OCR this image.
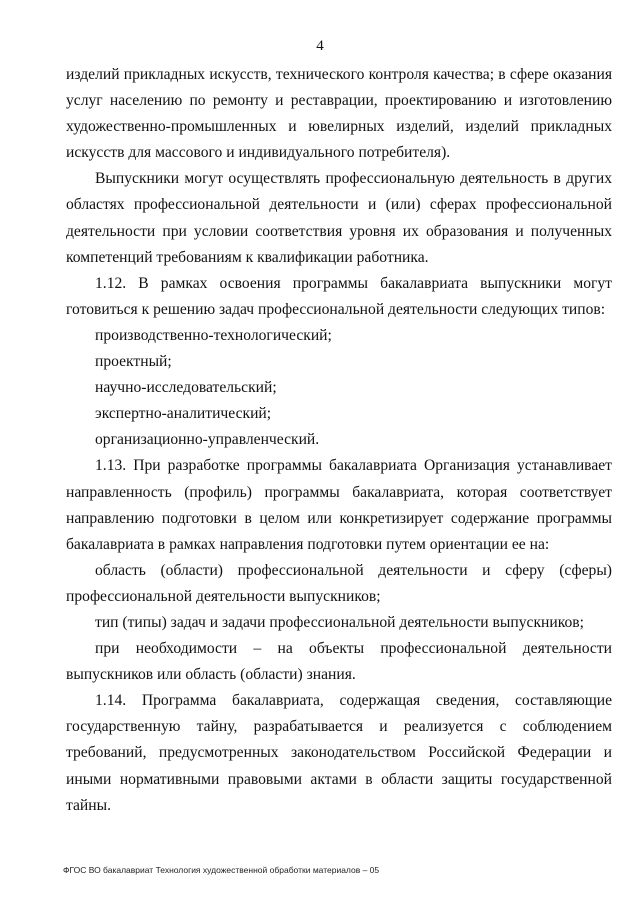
4

изделий прикладных искусств, технического контроля качества; в сфере оказания услуг населению по ремонту и реставрации, проектированию и изготовлению художественно-промышленных и ювелирных изделий, изделий прикладных искусств для массового и индивидуального потребителя).

Выпускники могут осуществлять профессиональную деятельность в других областях профессиональной деятельности и (или) сферах профессиональной деятельности при условии соответствия уровня их образования и полученных компетенций требованиям к квалификации работника.

1.12. В рамках освоения программы бакалавриата выпускники могут готовиться к решению задач профессиональной деятельности следующих типов:

производственно-технологический;

проектный;

научно-исследовательский;

экспертно-аналитический;

организационно-управленческий.

1.13. При разработке программы бакалавриата Организация устанавливает направленность (профиль) программы бакалавриата, которая соответствует направлению подготовки в целом или конкретизирует содержание программы бакалавриата в рамках направления подготовки путем ориентации ее на:

область (области) профессиональной деятельности и сферу (сферы) профессиональной деятельности выпускников;

тип (типы) задач и задачи профессиональной деятельности выпускников;

при необходимости – на объекты профессиональной деятельности выпускников или область (области) знания.

1.14. Программа бакалавриата, содержащая сведения, составляющие государственную тайну, разрабатывается и реализуется с соблюдением требований, предусмотренных законодательством Российской Федерации и иными нормативными правовыми актами в области защиты государственной тайны.

ФГОС ВО бакалавриат Технология художественной обработки материалов – 05
